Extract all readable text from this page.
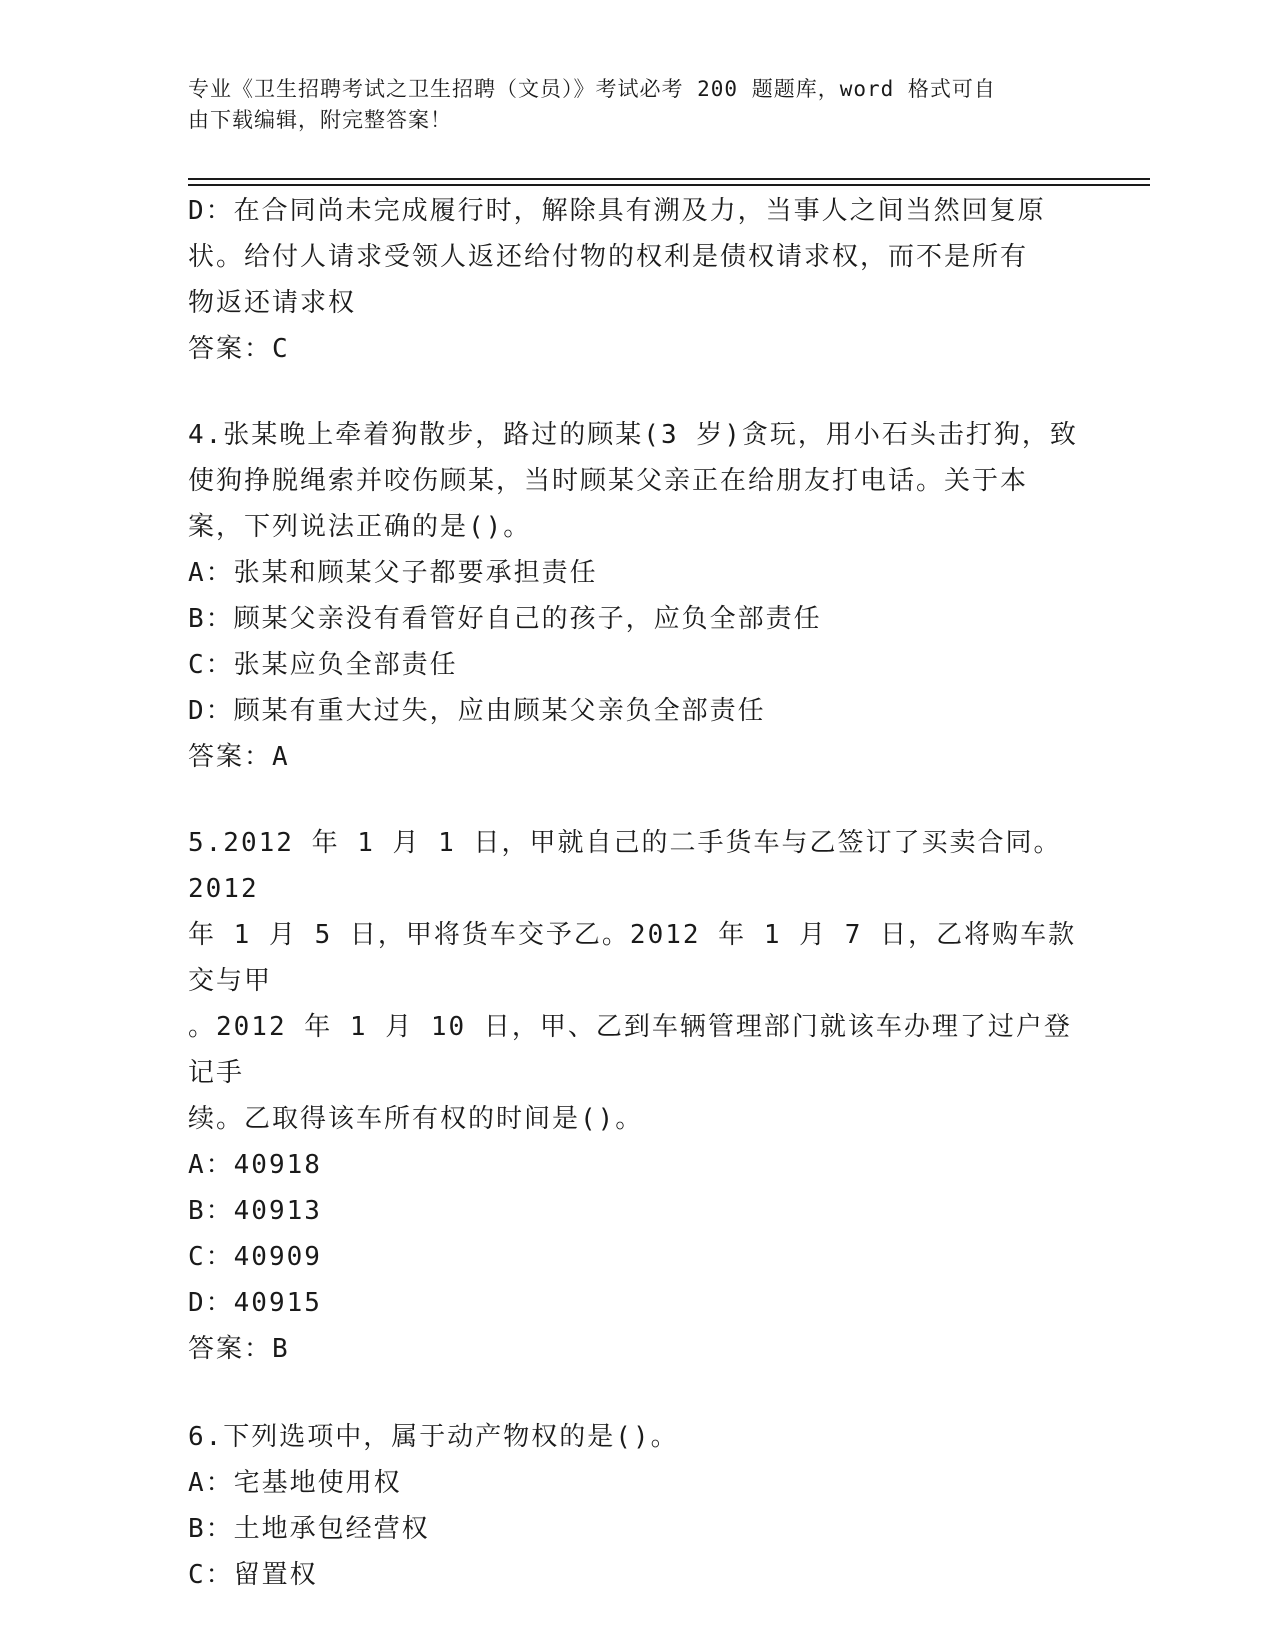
专业《卫生招聘考试之卫生招聘（文员）》考试必考 200 题题库，word 格式可自
由下载编辑，附完整答案！
D：在合同尚未完成履行时，解除具有溯及力，当事人之间当然回复原
状。给付人请求受领人返还给付物的权利是债权请求权，而不是所有
物返还请求权
答案：C
4.张某晚上牵着狗散步，路过的顾某(3 岁)贪玩，用小石头击打狗，致
使狗挣脱绳索并咬伤顾某，当时顾某父亲正在给朋友打电话。关于本
案，下列说法正确的是()。
A：张某和顾某父子都要承担责任
B：顾某父亲没有看管好自己的孩子，应负全部责任
C：张某应负全部责任
D：顾某有重大过失，应由顾某父亲负全部责任
答案：A
5.2012 年 1 月 1 日，甲就自己的二手货车与乙签订了买卖合同。2012
年 1 月 5 日，甲将货车交予乙。2012 年 1 月 7 日，乙将购车款交与甲
。2012 年 1 月 10 日，甲、乙到车辆管理部门就该车办理了过户登记手
续。乙取得该车所有权的时间是()。
A：40918
B：40913
C：40909
D：40915
答案：B
6.下列选项中，属于动产物权的是()。
A：宅基地使用权
B：土地承包经营权
C：留置权
